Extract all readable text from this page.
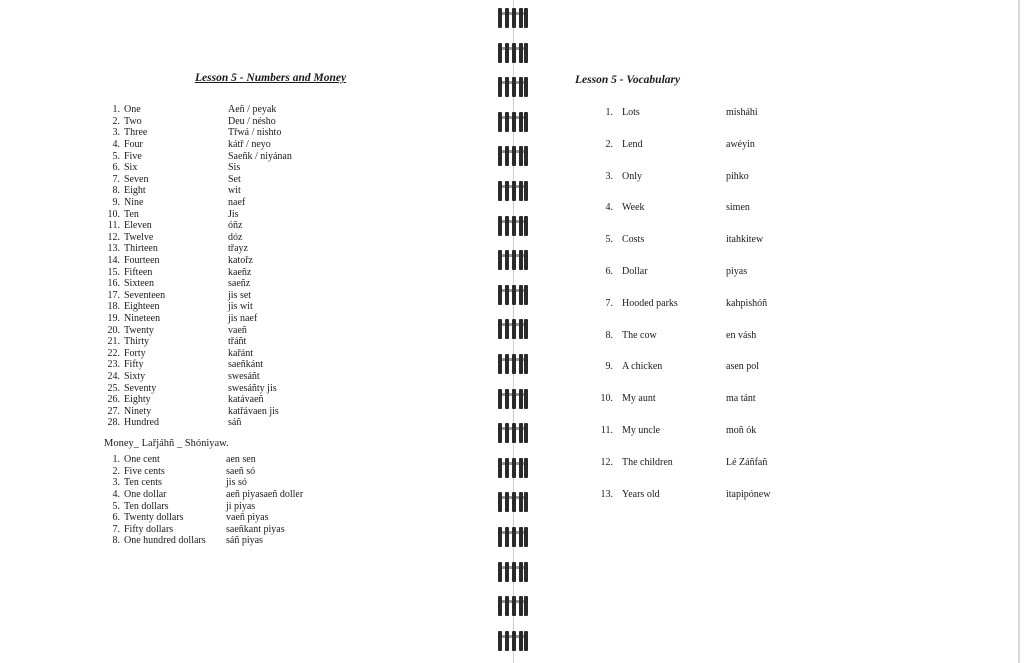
Lesson 5 - Numbers and Money	Lesson 5 - Vocabulary
1. One	Aeñ / peyak
2. Two	Deu / nésho
3. Three	Třwá / nishto
4. Four	kátř / neyo
5. Five	Saeñk / niyánan
6. Six	Sis
7. Seven	Set
8. Eight	wit
9. Nine	naef
10. Ten	Jis
11. Eleven	óñz
12. Twelve	dóz
13. Thirteen	třayz
14. Fourteen	katořz
15. Fifteen	kaeñz
16. Sixteen	saeñz
17. Seventeen	jis set
18. Eighteen	jis wit
19. Nineteen	jis naef
20. Twenty	vaeñ
21. Thirty	třáñt
22. Forty	kařánt
23. Fifty	saeñkánt
24. Sixty	swesáñt
25. Seventy	swesáñty jis
26. Eighty	katávaeñ
27. Ninety	katřávaen jis
28. Hundred	sáñ
Money_ Lařjáhñ _ Shóniyaw.
1. One cent	aen sen
2. Five cents	saeñ só
3. Ten cents	jis só
4. One dollar	aeñ piyasaeñ doller
5. Ten dollars	ji piyas
6. Twenty dollars	vaeñ piyas
7. Fifty dollars	saeñkant piyas
8. One hundred dollars	sáñ piyas
1. Lots	misháhi
2. Lend	awéyin
3. Only	pihko
4. Week	simen
5. Costs	itahkitew
6. Dollar	piyas
7. Hooded parks	kahpishóñ
8. The cow	en vásh
9. A chicken	asen pol
10. My aunt	ma tánt
11. My uncle	moñ ók
12. The children	Lé Záñfañ
13. Years old	itapipónew
